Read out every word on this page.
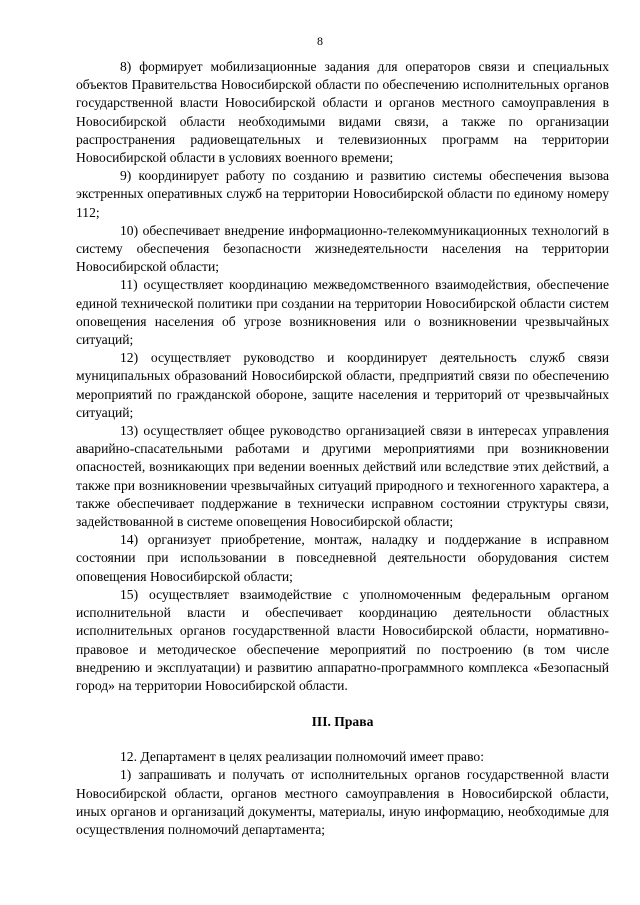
8

8) формирует мобилизационные задания для операторов связи и специальных объектов Правительства Новосибирской области по обеспечению исполнительных органов государственной власти Новосибирской области и органов местного самоуправления в Новосибирской области необходимыми видами связи, а также по организации распространения радиовещательных и телевизионных программ на территории Новосибирской области в условиях военного времени;

9) координирует работу по созданию и развитию системы обеспечения вызова экстренных оперативных служб на территории Новосибирской области по единому номеру 112;

10) обеспечивает внедрение информационно-телекоммуникационных технологий в систему обеспечения безопасности жизнедеятельности населения на территории Новосибирской области;

11) осуществляет координацию межведомственного взаимодействия, обеспечение единой технической политики при создании на территории Новосибирской области систем оповещения населения об угрозе возникновения или о возникновении чрезвычайных ситуаций;

12) осуществляет руководство и координирует деятельность служб связи муниципальных образований Новосибирской области, предприятий связи по обеспечению мероприятий по гражданской обороне, защите населения и территорий от чрезвычайных ситуаций;

13) осуществляет общее руководство организацией связи в интересах управления аварийно-спасательными работами и другими мероприятиями при возникновении опасностей, возникающих при ведении военных действий или вследствие этих действий, а также при возникновении чрезвычайных ситуаций природного и техногенного характера, а также обеспечивает поддержание в технически исправном состоянии структуры связи, задействованной в системе оповещения Новосибирской области;

14) организует приобретение, монтаж, наладку и поддержание в исправном состоянии при использовании в повседневной деятельности оборудования систем оповещения Новосибирской области;

15) осуществляет взаимодействие с уполномоченным федеральным органом исполнительной власти и обеспечивает координацию деятельности областных исполнительных органов государственной власти Новосибирской области, нормативно-правовое и методическое обеспечение мероприятий по построению (в том числе внедрению и эксплуатации) и развитию аппаратно-программного комплекса «Безопасный город» на территории Новосибирской области.

III. Права

12. Департамент в целях реализации полномочий имеет право:

1) запрашивать и получать от исполнительных органов государственной власти Новосибирской области, органов местного самоуправления в Новосибирской области, иных органов и организаций документы, материалы, иную информацию, необходимые для осуществления полномочий департамента;
